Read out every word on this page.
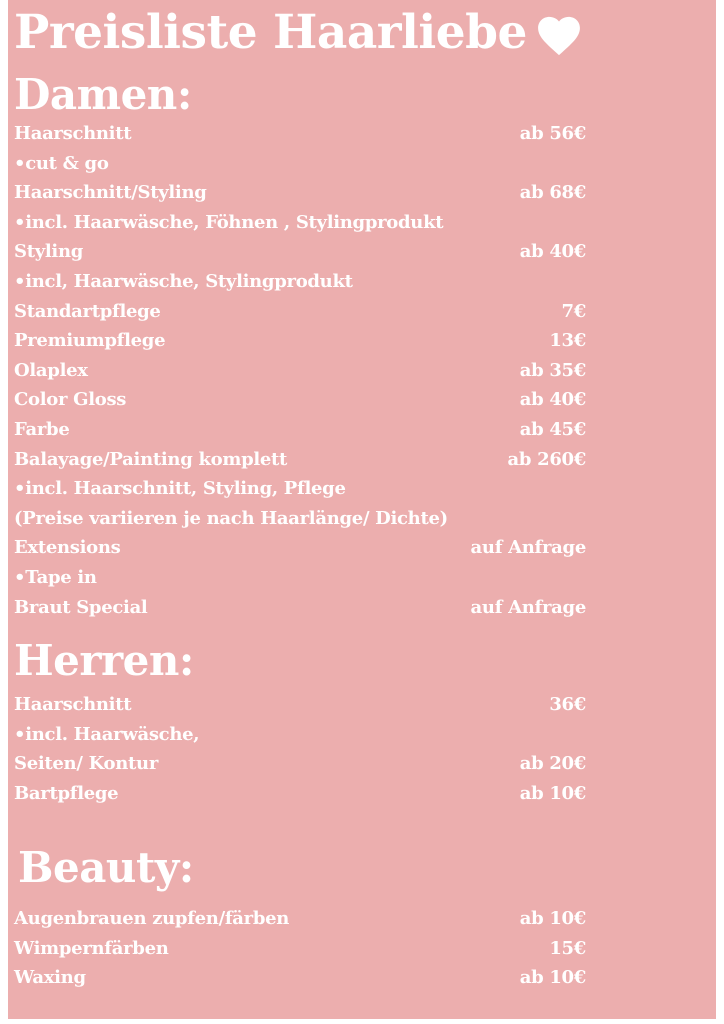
Preisliste Haarliebe
Damen:
Haarschnitt	ab 56€
•cut & go
Haarschnitt/Styling	ab 68€
•incl. Haarwäsche, Föhnen , Stylingprodukt
Styling	ab 40€
•incl, Haarwäsche, Stylingprodukt
Standartpflege	7€
Premiumpflege	13€
Olaplex	ab 35€
Color Gloss	ab 40€
Farbe	ab 45€
Balayage/Painting komplett	ab 260€
•incl. Haarschnitt, Styling, Pflege
(Preise variieren je nach Haarlänge/ Dichte)
Extensions	auf Anfrage
•Tape in
Braut Special	auf Anfrage
Herren:
Haarschnitt	36€
•incl. Haarwäsche,
Seiten/ Kontur	ab 20€
Bartpflege	ab 10€
Beauty:
Augenbrauen zupfen/färben	ab 10€
Wimpernfärben	15€
Waxing	ab 10€
